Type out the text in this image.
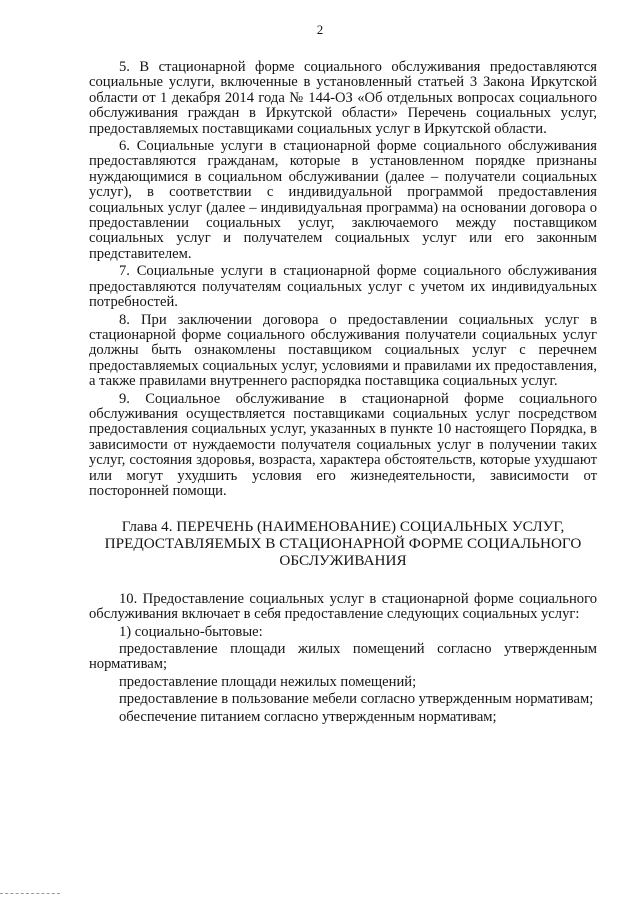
2

5. В стационарной форме социального обслуживания предоставляются социальные услуги, включенные в установленный статьей 3 Закона Иркутской области от 1 декабря 2014 года № 144-ОЗ «Об отдельных вопросах социального обслуживания граждан в Иркутской области» Перечень социальных услуг, предоставляемых поставщиками социальных услуг в Иркутской области.

6. Социальные услуги в стационарной форме социального обслуживания предоставляются гражданам, которые в установленном порядке признаны нуждающимися в социальном обслуживании (далее – получатели социальных услуг), в соответствии с индивидуальной программой предоставления социальных услуг (далее – индивидуальная программа) на основании договора о предоставлении социальных услуг, заключаемого между поставщиком социальных услуг и получателем социальных услуг или его законным представителем.

7. Социальные услуги в стационарной форме социального обслуживания предоставляются получателям социальных услуг с учетом их индивидуальных потребностей.

8. При заключении договора о предоставлении социальных услуг в стационарной форме социального обслуживания получатели социальных услуг должны быть ознакомлены поставщиком социальных услуг с перечнем предоставляемых социальных услуг, условиями и правилами их предоставления, а также правилами внутреннего распорядка поставщика социальных услуг.

9. Социальное обслуживание в стационарной форме социального обслуживания осуществляется поставщиками социальных услуг посредством предоставления социальных услуг, указанных в пункте 10 настоящего Порядка, в зависимости от нуждаемости получателя социальных услуг в получении таких услуг, состояния здоровья, возраста, характера обстоятельств, которые ухудшают или могут ухудшить условия его жизнедеятельности, зависимости от посторонней помощи.

Глава 4. ПЕРЕЧЕНЬ (НАИМЕНОВАНИЕ) СОЦИАЛЬНЫХ УСЛУГ,
ПРЕДОСТАВЛЯЕМЫХ В СТАЦИОНАРНОЙ ФОРМЕ СОЦИАЛЬНОГО
ОБСЛУЖИВАНИЯ

10. Предоставление социальных услуг в стационарной форме социального обслуживания включает в себя предоставление следующих социальных услуг:

1) социально-бытовые:

предоставление площади жилых помещений согласно утвержденным нормативам;

предоставление площади нежилых помещений;

предоставление в пользование мебели согласно утвержденным нормативам;

обеспечение питанием согласно утвержденным нормативам;
